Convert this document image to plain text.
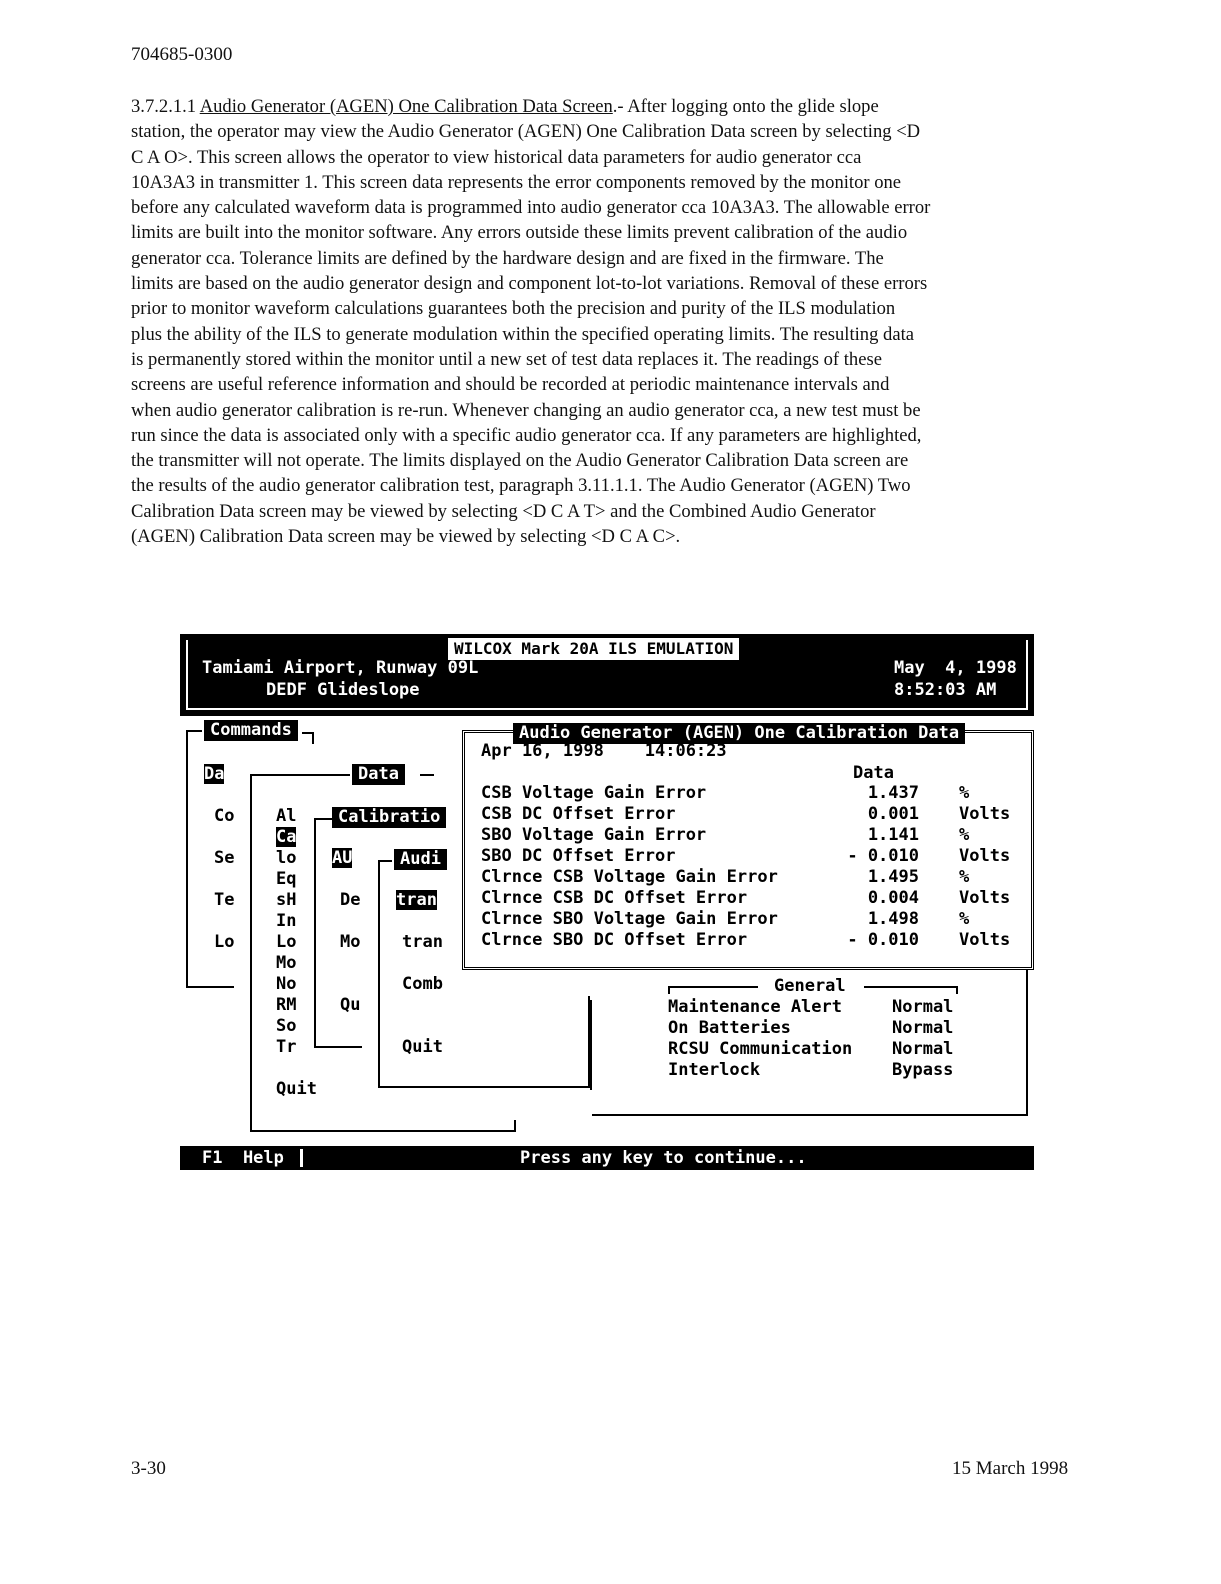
704685-0300
3.7.2.1.1 Audio Generator (AGEN) One Calibration Data Screen.- After logging onto the glide slope
station, the operator may view the Audio Generator (AGEN) One Calibration Data screen by selecting <D
C A O>. This screen allows the operator to view historical data parameters for audio generator cca
10A3A3 in transmitter 1. This screen data represents the error components removed by the monitor one
before any calculated waveform data is programmed into audio generator cca 10A3A3. The allowable error
limits are built into the monitor software. Any errors outside these limits prevent calibration of the audio
generator cca. Tolerance limits are defined by the hardware design and are fixed in the firmware. The
limits are based on the audio generator design and component lot-to-lot variations. Removal of these errors
prior to monitor waveform calculations guarantees both the precision and purity of the ILS modulation
plus the ability of the ILS to generate modulation within the specified operating limits. The resulting data
is permanently stored within the monitor until a new set of test data replaces it. The readings of these
screens are useful reference information and should be recorded at periodic maintenance intervals and
when audio generator calibration is re-run. Whenever changing an audio generator cca, a new test must be
run since the data is associated only with a specific audio generator cca. If any parameters are highlighted,
the transmitter will not operate. The limits displayed on the Audio Generator Calibration Data screen are
the results of the audio generator calibration test, paragraph 3.11.1.1. The Audio Generator (AGEN) Two
Calibration Data screen may be viewed by selecting <D C A T> and the Combined Audio Generator
(AGEN) Calibration Data screen may be viewed by selecting <D C A C>.
WILCOX Mark 20A ILS EMULATION
Tamiami Airport, Runway 09L
DEDF Glideslope
May  4, 1998
8:52:03 AM
Commands
Da
Co
Se
Te
Lo
Data
Al
Ca
lo
Eq
sH
In
Lo
Mo
No
RM
So
Tr
Quit
Calibratio
AU
De
Mo
Qu
Audi
tran
tran
Comb
Quit
Audio Generator (AGEN) One Calibration Data
Apr 16, 1998    14:06:23
Data
CSB Voltage Gain Error	1.437 %
CSB DC Offset Error	0.001 Volts
SBO Voltage Gain Error	1.141 %
SBO DC Offset Error	- 0.010 Volts
Clrnce CSB Voltage Gain Error	1.495 %
Clrnce CSB DC Offset Error	0.004 Volts
Clrnce SBO Voltage Gain Error	1.498 %
Clrnce SBO DC Offset Error	- 0.010 Volts
General
Maintenance Alert	Normal
On Batteries	Normal
RCSU Communication Normal
Interlock	Bypass
F1  Help	Press any key to continue...
3-30	15 March 1998
